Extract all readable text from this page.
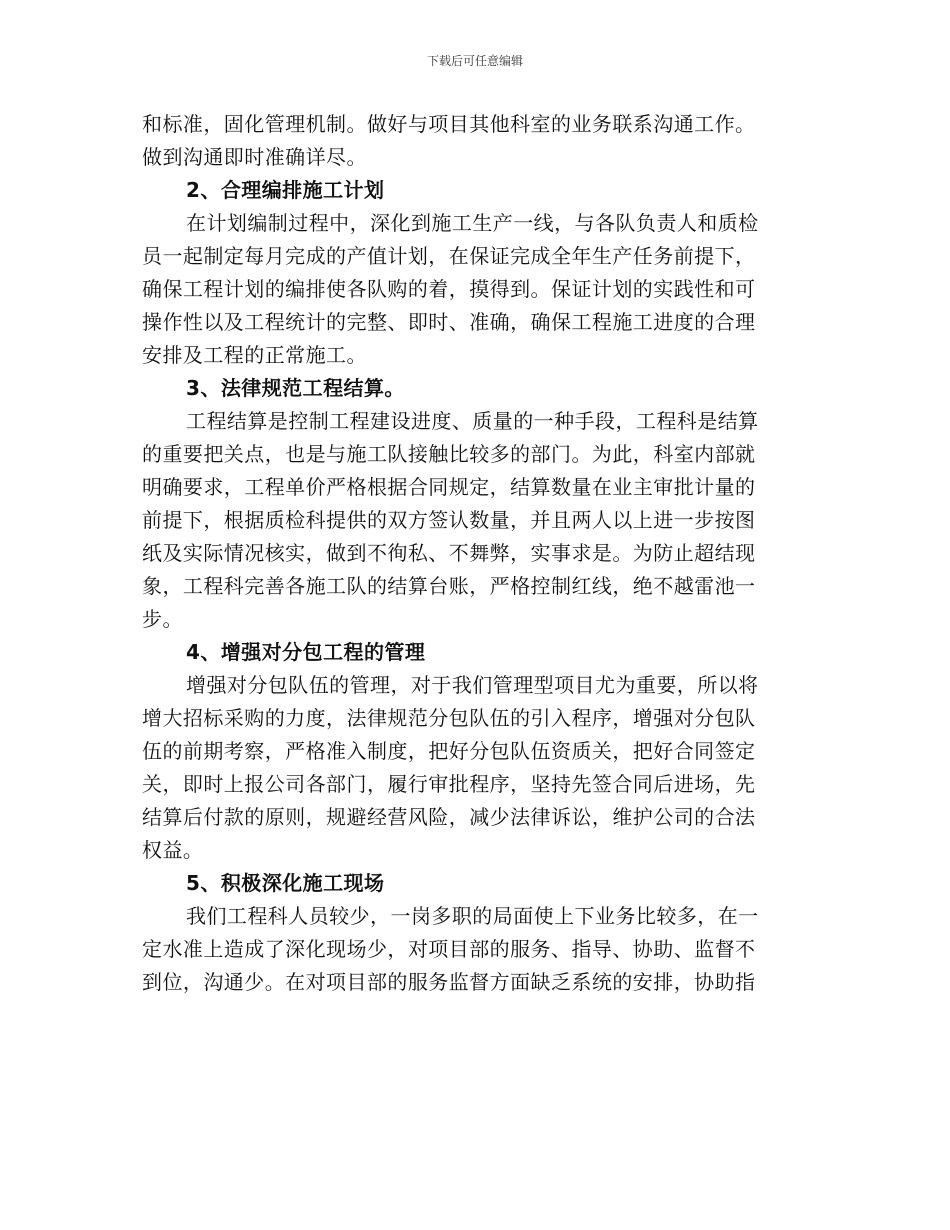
下载后可任意编辑
和标准，固化管理机制。做好与项目其他科室的业务联系沟通工作。
做到沟通即时准确详尽。
2、合理编排施工计划
在计划编制过程中，深化到施工生产一线，与各队负责人和质检
员一起制定每月完成的产值计划，在保证完成全年生产任务前提下，
确保工程计划的编排使各队购的着，摸得到。保证计划的实践性和可
操作性以及工程统计的完整、即时、准确，确保工程施工进度的合理
安排及工程的正常施工。
3、法律规范工程结算。
工程结算是控制工程建设进度、质量的一种手段，工程科是结算
的重要把关点，也是与施工队接触比较多的部门。为此，科室内部就
明确要求，工程单价严格根据合同规定，结算数量在业主审批计量的
前提下，根据质检科提供的双方签认数量，并且两人以上进一步按图
纸及实际情况核实，做到不徇私、不舞弊，实事求是。为防止超结现
象，工程科完善各施工队的结算台账，严格控制红线，绝不越雷池一
步。
4、增强对分包工程的管理
增强对分包队伍的管理，对于我们管理型项目尤为重要，所以将
增大招标采购的力度，法律规范分包队伍的引入程序，增强对分包队
伍的前期考察，严格准入制度，把好分包队伍资质关，把好合同签定
关，即时上报公司各部门，履行审批程序，坚持先签合同后进场，先
结算后付款的原则，规避经营风险，减少法律诉讼，维护公司的合法
权益。
5、积极深化施工现场
我们工程科人员较少，一岗多职的局面使上下业务比较多，在一
定水准上造成了深化现场少，对项目部的服务、指导、协助、监督不
到位，沟通少。在对项目部的服务监督方面缺乏系统的安排，协助指
